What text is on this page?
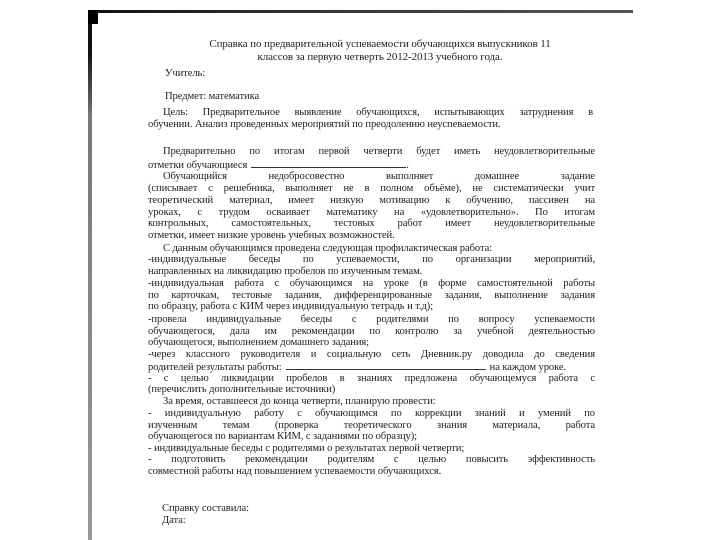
Справка по предварительной успеваемости обучающихся выпускников 11
классов за первую четверть 2012-2013 учебного года.
Учитель:
Предмет: математика
Цель: Предварительное выявление обучающихся, испытывающих затруднения в
обучении. Анализ проведенных мероприятий по преодолению неуспеваемости.
Предварительно по итогам первой четверти будет иметь неудовлетворительные
отметки обучающиеся	.
Обучающийся недобросовестно выполняет домашнее задание
(списывает с решебника, выполняет не в полном объёме), не систематически учит
теоретический материал, имеет низкую мотивацию к обучению, пассивен на
уроках, с трудом осваивает математику на «удовлетворительно». По итогам
контрольных, самостоятельных, тестовых работ имеет неудовлетворительные
отметки, имеет низкие уровень учебных возможностей.
С данным обучающимся проведена следующая профилактическая работа:
-индивидуальные беседы по успеваемости, по организации мероприятий,
направленных на ликвидацию пробелов по изученным темам.
-индивидуальная работа с обучающимся на уроке (в форме самостоятельной работы
по карточкам, тестовые задания, дифференцированные задания, выполнение задания
по образцу, работа с КИМ через индивидуальную тетрадь и т.д);
-провела индивидуальные беседы с родителями по вопросу успеваемости
обучающегося, дала им рекомендации по контролю за учебной деятельностью
обучающегося, выполнением домашнего задания;
-через классного руководителя и социальную сеть Дневник.ру доводила до сведения
родителей результаты работы:	на каждом уроке.
- с целью ликвидации пробелов в знаниях предложена обучающемуся работа с
(перечислить дополнительные источники)
За время, оставшееся до конца четверти, планирую провести:
- индивидуальную работу с обучающимся по коррекции знаний и умений по
изученным темам (проверка теоретического знания материала, работа
обучающегося по вариантам КИМ, с заданиями по образцу);
- индивидуальные беседы с родителями о результатах первой четверти;
- подготовить рекомендации родителям с целью повысить эффективность
совместной работы над повышением успеваемости обучающихся.
Справку составила:
Дата:
